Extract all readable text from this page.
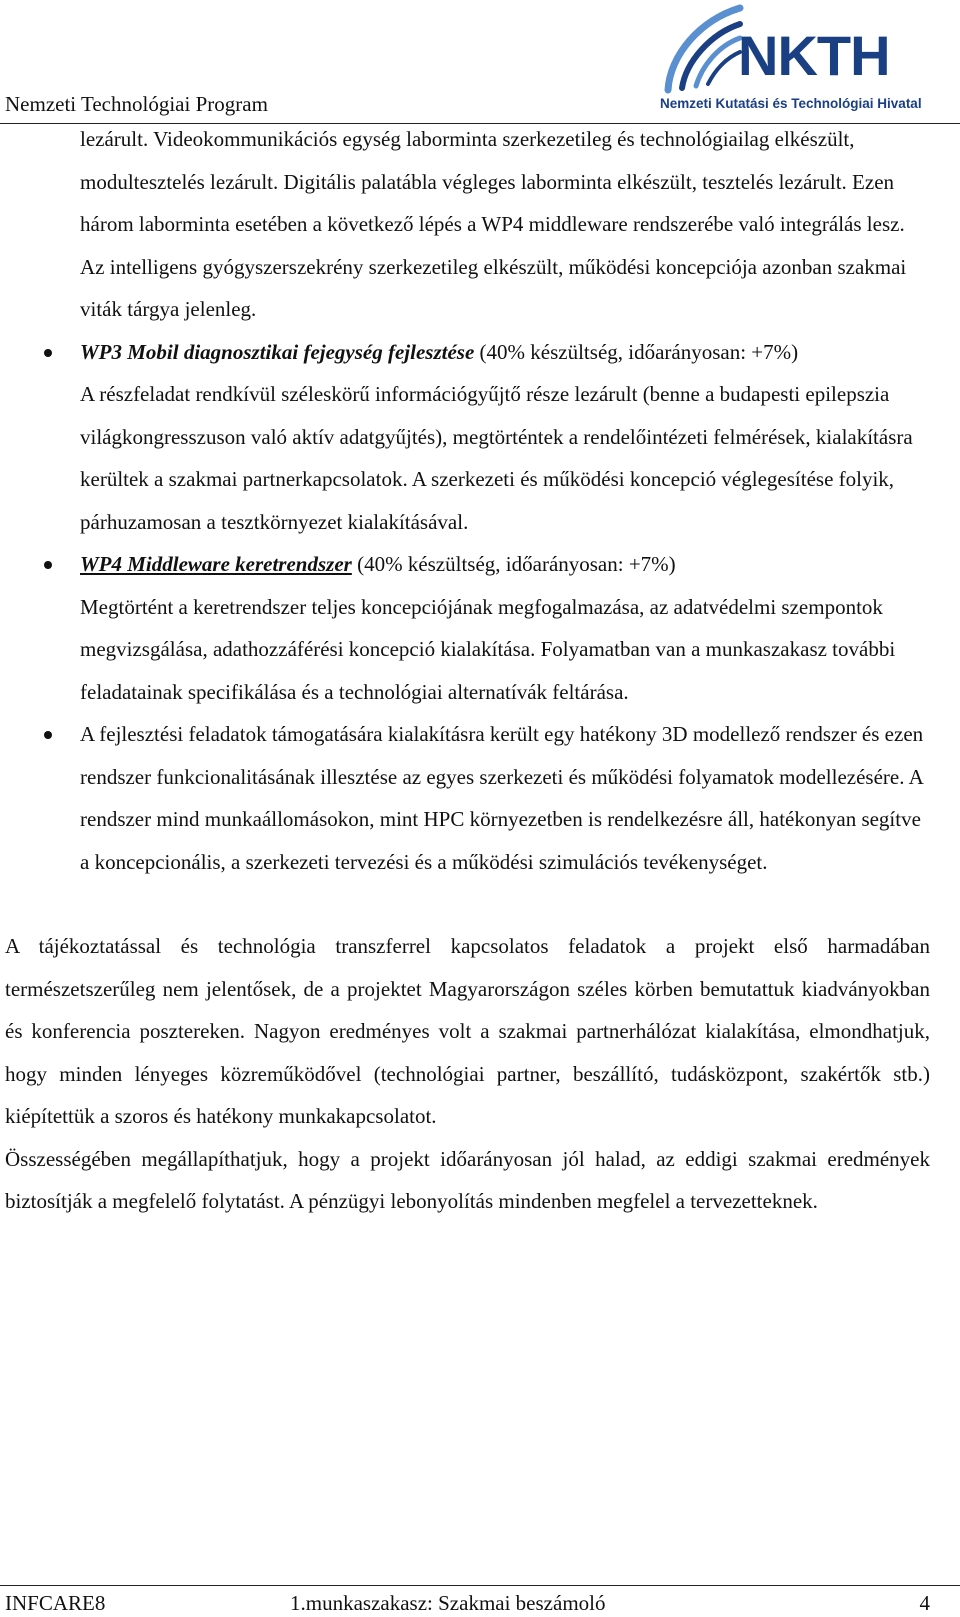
Nemzeti Technológiai Program
NKTH
Nemzeti Kutatási és Technológiai Hivatal
lezárult. Videokommunikációs egység laborminta szerkezetileg és technológiailag elkészült, modultesztelés lezárult. Digitális palatábla végleges laborminta elkészült, tesztelés lezárult. Ezen három laborminta esetében a következő lépés a WP4 middleware rendszerébe való integrálás lesz. Az intelligens gyógyszerszekrény szerkezetileg elkészült, működési koncepciója azonban szakmai viták tárgya jelenleg.
WP3 Mobil diagnosztikai fejegység fejlesztése (40% készültség, időarányosan: +7%)
A részfeladat rendkívül széleskörű információgyűjtő része lezárult (benne a budapesti epilepszia világkongresszuson való aktív adatgyűjtés), megtörténtek a rendelőintézeti felmérések, kialakításra kerültek a szakmai partnerkapcsolatok. A szerkezeti és működési koncepció véglegesítése folyik, párhuzamosan a tesztkörnyezet kialakításával.
WP4 Middleware keretrendszer (40% készültség, időarányosan: +7%)
Megtörtént a keretrendszer teljes koncepciójának megfogalmazása, az adatvédelmi szempontok megvizsgálása, adathozzáférési koncepció kialakítása. Folyamatban van a munkaszakasz további feladatainak specifikálása és a technológiai alternatívák feltárása.
A fejlesztési feladatok támogatására kialakításra került egy hatékony 3D modellező rendszer és ezen rendszer funkcionalitásának illesztése az egyes szerkezeti és működési folyamatok modellezésére. A rendszer mind munkaállomásokon, mint HPC környezetben is rendelkezésre áll, hatékonyan segítve a koncepcionális, a szerkezeti tervezési és a működési szimulációs tevékenységet.
A tájékoztatással és technológia transzferrel kapcsolatos feladatok a projekt első harmadában természetszerűleg nem jelentősek, de a projektet Magyarországon széles körben bemutattuk kiadványokban és konferencia posztereken. Nagyon eredményes volt a szakmai partnerhálózat kialakítása, elmondhatjuk, hogy minden lényeges közreműködővel (technológiai partner, beszállító, tudásközpont, szakértők stb.) kiépítettük a szoros és hatékony munkakapcsolatot.
Összességében megállapíthatjuk, hogy a projekt időarányosan jól halad, az eddigi szakmai eredmények biztosítják a megfelelő folytatást. A pénzügyi lebonyolítás mindenben megfelel a tervezetteknek.
INFCARE8	1.munkaszakasz: Szakmai beszámoló	4
